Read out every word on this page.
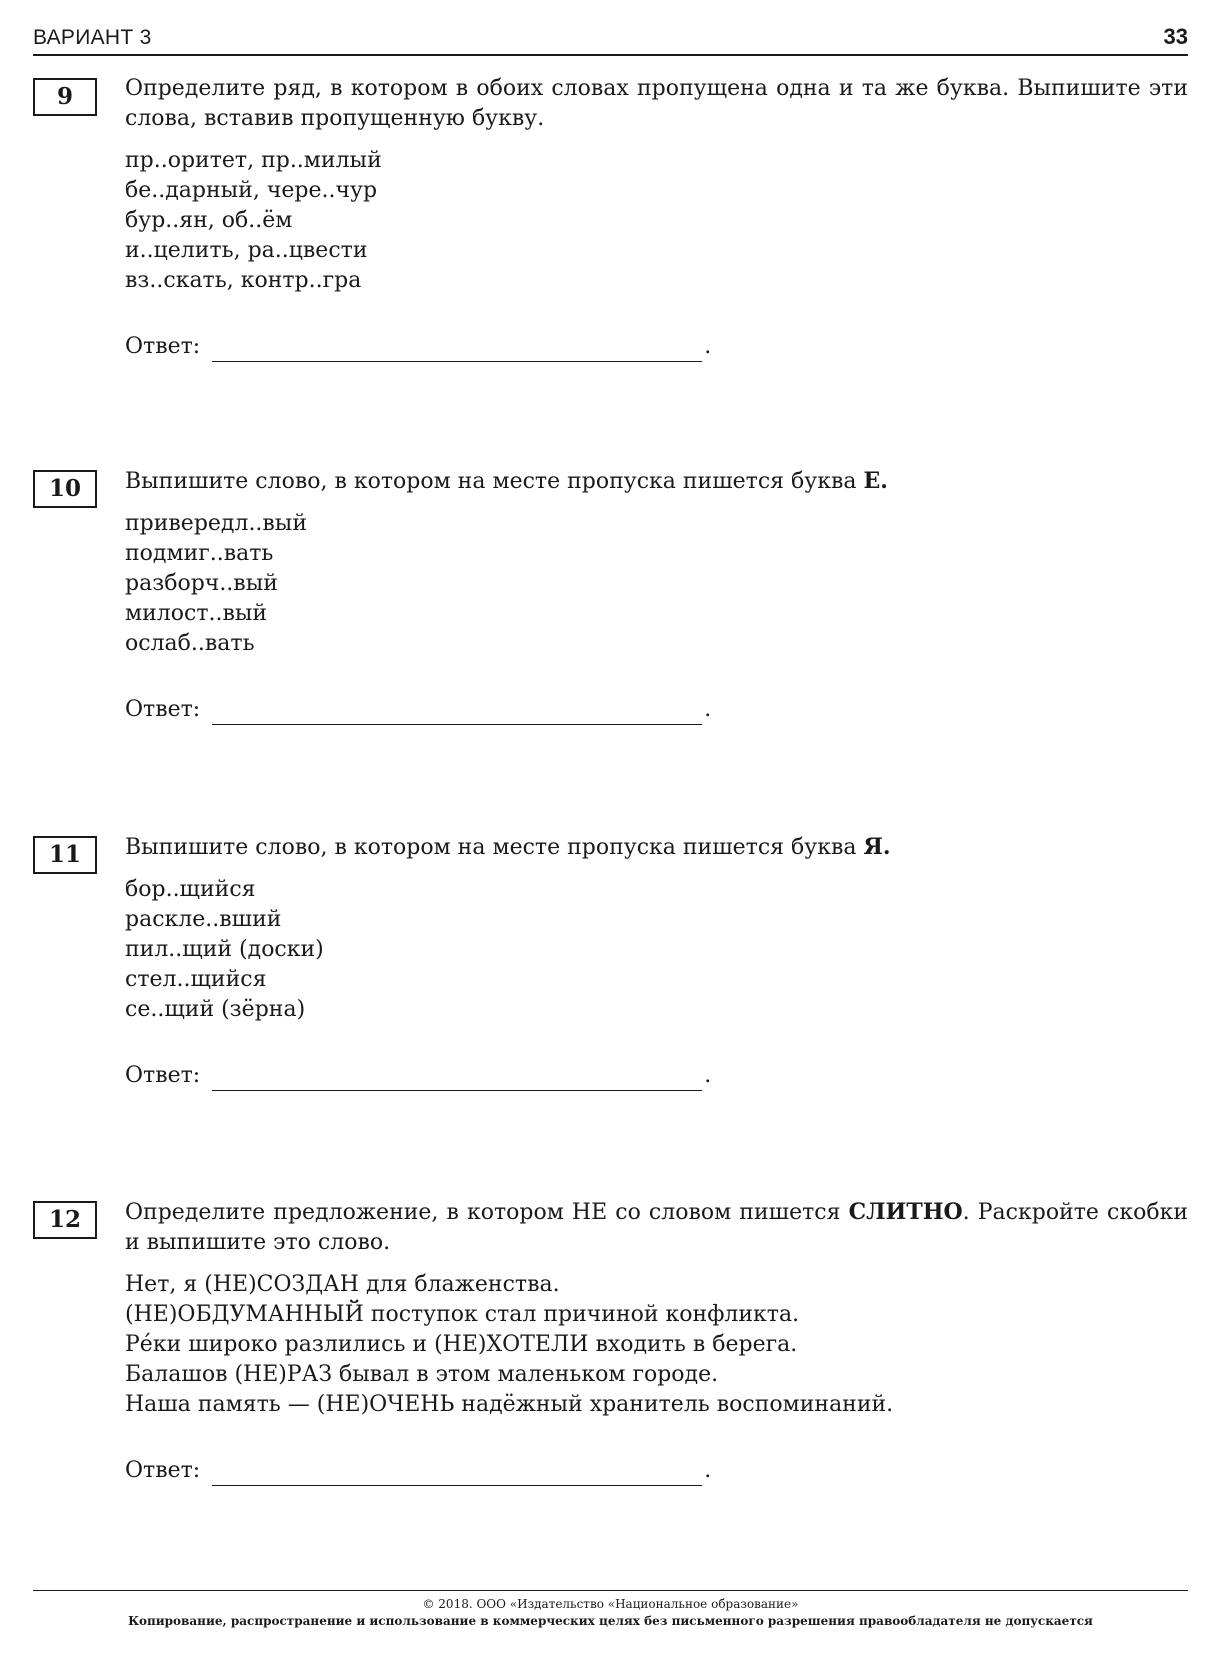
ВАРИАНТ 3	33
9	Определите ряд, в котором в обоих словах пропущена одна и та же буква. Выпишите эти слова, вставив пропущенную букву.
пр..оритет, пр..милый
бе..дарный, чере..чур
бур..ян, об..ём
и..целить, ра..цвести
вз..скать, контр..гра
Ответ:	.
10	Выпишите слово, в котором на месте пропуска пишется буква Е.
привередл..вый
подмиг..вать
разборч..вый
милост..вый
ослаб..вать
Ответ:	.
11	Выпишите слово, в котором на месте пропуска пишется буква Я.
бор..щийся
раскле..вший
пил..щий (доски)
стел..щийся
се..щий (зёрна)
Ответ:	.
12	Определите предложение, в котором НЕ со словом пишется СЛИТНО. Раскройте скобки и выпишите это слово.
Нет, я (НЕ)СОЗДАН для блаженства.
(НЕ)ОБДУМАННЫЙ поступок стал причиной конфликта.
Ре́ки широко разлились и (НЕ)ХОТЕЛИ входить в берега.
Балашов (НЕ)РАЗ бывал в этом маленьком городе.
Наша память — (НЕ)ОЧЕНЬ надёжный хранитель воспоминаний.
Ответ:	.
© 2018. ООО «Издательство «Национальное образование»
Копирование, распространение и использование в коммерческих целях без письменного разрешения правообладателя не допускается
